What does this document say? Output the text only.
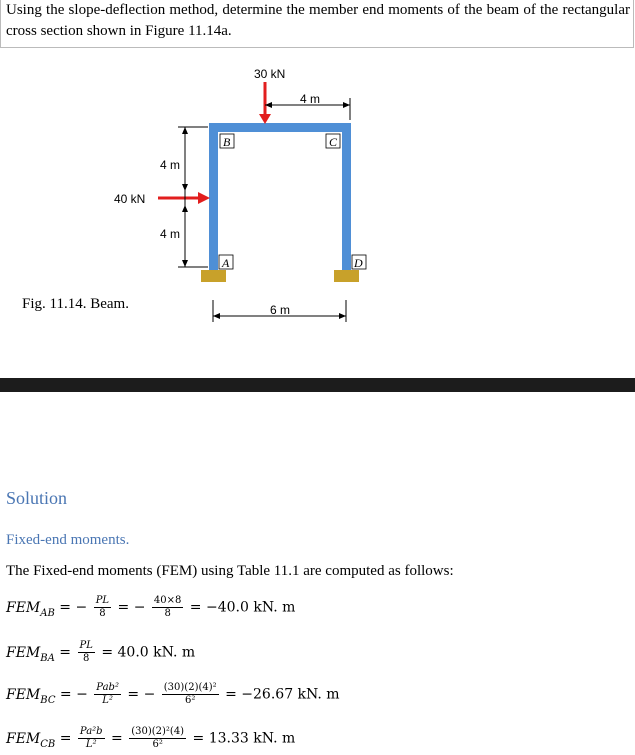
Using the slope-deflection method, determine the member end moments of the beam of the rectangular cross section shown in Figure 11.14a.
30 kN
4 m
40 kN
4 m
4 m
6 m
B	C
A	D
Fig. 11.14. Beam.
Solution
Fixed-end moments.
The Fixed-end moments (FEM) using Table 11.1 are computed as follows:
$FEM_{AB}$ = − $\frac{PL}{8}$ = − $\frac{40\times 8}{8} = -40.0$ kN. m
$FEM_{BA} = \frac{PL}{8} = 40.0$ kN. m
$FEM_{BC}$ = − $\frac{\text{Pab²}}{\text{L²}}$ = − $\frac{\text{(30)(2)(4)²}}{\text{6²}} = -26.67$ kN. m
$FEM_{CB} = \frac{\text{Pa²b}}{\text{L²}} = \frac{\text{(30)(2)²(4)}}{\text{6²}} = 13.33$ kN. m
